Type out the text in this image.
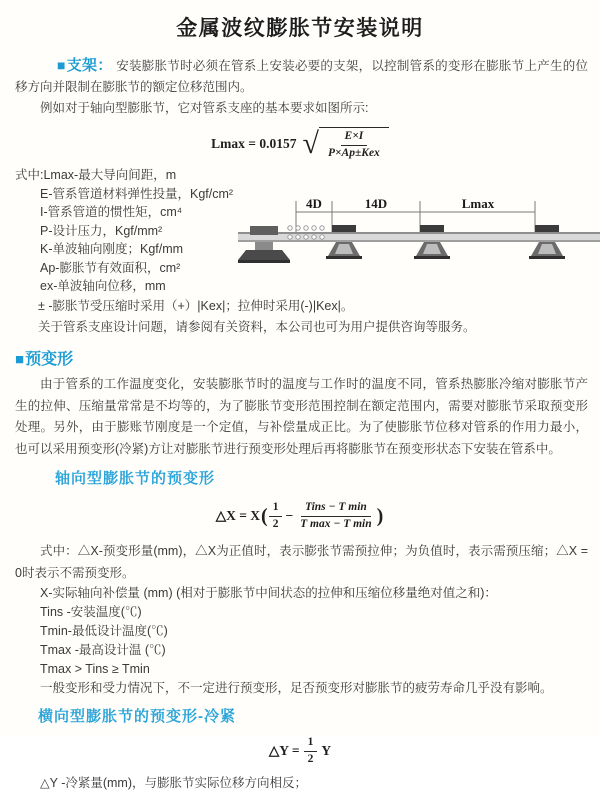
金属波纹膨胀节安装说明

■支架： 安装膨胀节时必须在管系上安装必要的支架，以控制管系的变形在膨胀节上产生的位移方向并限制在膨胀节的额定位移范围内。

例如对于轴向型膨胀节，它对管系支座的基本要求如图所示:

Lmax = 0.0157 √ $\frac{E\times I}{\text{P×Ap±Kex}}$

式中:Lmax-最大导向间距，m

E-管系管道材料弹性投量，Kgf/cm²

I-管系管道的惯性矩，cm⁴

P-设计压力，Kgf/mm²

K-单波轴向刚度；Kgf/mm

Ap-膨胀节有效面积，cm²

ex-单波轴向位移，mm

4D	14D	Lmax

± -膨胀节受压缩时采用（+）|Kex|；拉伸时采用(-)|Kex|。

关于管系支座设计问题，请参阅有关资料，本公司也可为用户提供咨询等服务。

■预变形

由于管系的工作温度变化，安装膨胀节时的温度与工作时的温度不同，管系热膨胀冷缩对膨胀节产生的拉伸、压缩量常常是不均等的，为了膨胀节变形范围控制在额定范围内，需要对膨胀节采取预变形处理。另外，由于膨账节刚度是一个定值，与补偿量成正比。为了使膨胀节位移对管系的作用力最小，也可以采用预变形(冷紧)方让对膨胀节进行预变形处理后再将膨胀节在预变形状态下安装在管系中。

轴向型膨胀节的预变形
△X = X ( $\frac{1}{2} - \frac{\text{Tins − T min}}{\text{T max − T min}}$ )

式中：△X-预变形量(mm)，△X为正值时，表示膨张节需预拉伸；为负值时，表示需预压缩；△X = 0时表示不需预变形。

X-实际轴向补偿量 (mm) (相对于膨胀节中间状态的拉伸和压缩位移量绝对值之和)：

Tins -安装温度(℃)

Tmin-最低设计温度(℃)

Tmax -最高设计温 (℃)

Tmax > Tins ≥ Tmin

一般变形和受力情况下，不一定进行预变形，足否预变形对膨胀节的疲劳寿命几乎没有影响。

横向型膨胀节的预变形-冷紧
△Y = $\frac{1}{2}$ Y

△Y -冷紧量(mm)，与膨胀节实际位移方向相反；
